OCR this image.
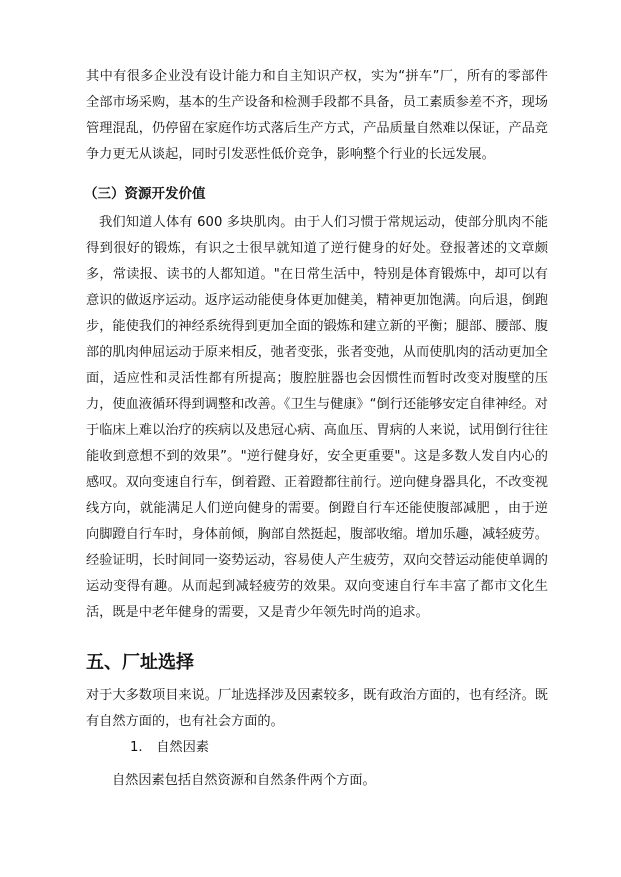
其中有很多企业没有设计能力和自主知识产权，实为“拼车”厂，所有的零部件全部市场采购，基本的生产设备和检测手段都不具备，员工素质参差不齐，现场管理混乱，仍停留在家庭作坊式落后生产方式，产品质量自然难以保证，产品竞争力更无从谈起，同时引发恶性低价竞争，影响整个行业的长远发展。

（三）资源开发价值

我们知道人体有 600 多块肌肉。由于人们习惯于常规运动，使部分肌肉不能得到很好的锻炼，有识之士很早就知道了逆行健身的好处。登报著述的文章颇多，常读报、读书的人都知道。"在日常生活中，特别是体育锻炼中，却可以有意识的做返序运动。返序运动能使身体更加健美，精神更加饱满。向后退，倒跑步，能使我们的神经系统得到更加全面的锻炼和建立新的平衡；腿部、腰部、腹部的肌肉伸屈运动于原来相反，弛者变张，张者变弛，从而使肌肉的活动更加全面，适应性和灵活性都有所提高；腹腔脏器也会因惯性而暂时改变对腹壁的压力，使血液循环得到调整和改善。《卫生与健康》“倒行还能够安定自律神经。对于临床上难以治疗的疾病以及患冠心病、高血压、胃病的人来说，试用倒行往往能收到意想不到的效果”。"逆行健身好，安全更重要"。这是多数人发自内心的感叹。双向变速自行车，倒着蹬、正着蹬都往前行。逆向健身器具化，不改变视线方向，就能满足人们逆向健身的需要。倒蹬自行车还能使腹部减肥 ，由于逆向脚蹬自行车时，身体前倾，胸部自然挺起，腹部收缩。增加乐趣，减轻疲劳。经验证明，长时间同一姿势运动，容易使人产生疲劳，双向交替运动能使单调的运动变得有趣。从而起到减轻疲劳的效果。双向变速自行车丰富了都市文化生活，既是中老年健身的需要，又是青少年领先时尚的追求。

五、厂址选择

对于大多数项目来说。厂址选择涉及因素较多，既有政治方面的，也有经济。既有自然方面的，也有社会方面的。

1. 自然因素

自然因素包括自然资源和自然条件两个方面。
